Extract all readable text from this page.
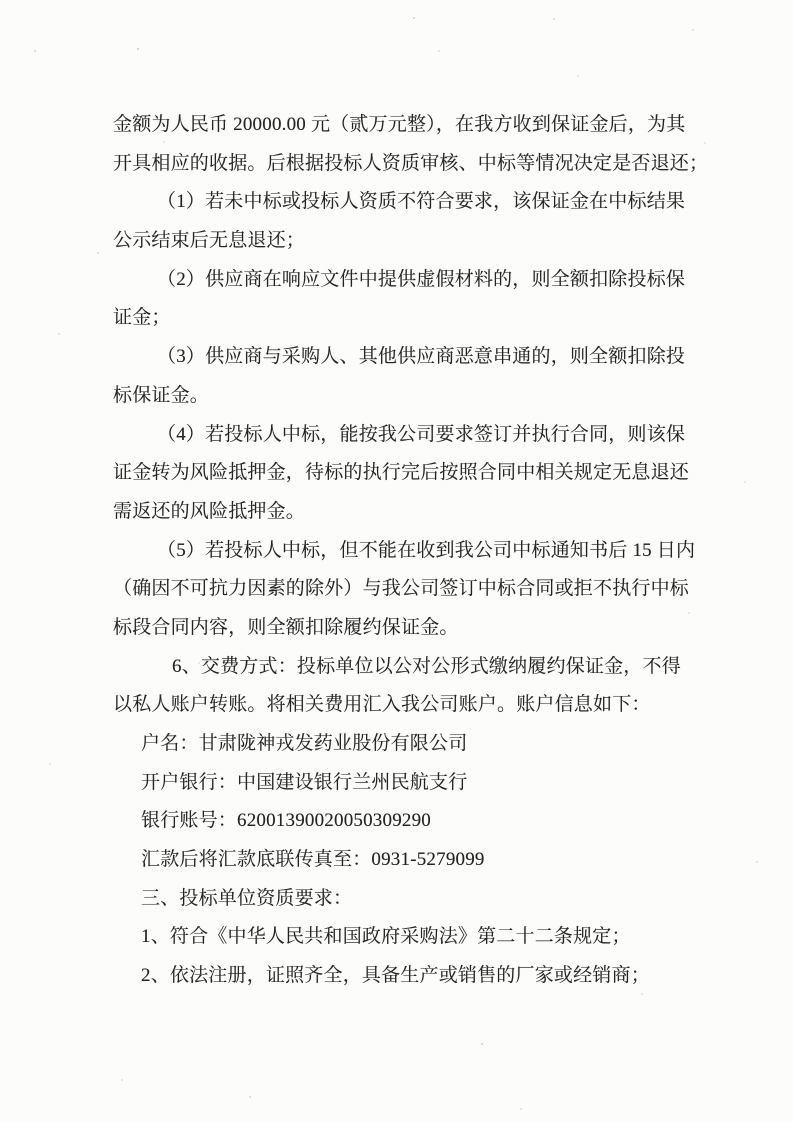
金额为人民币 20000.00 元（贰万元整），在我方收到保证金后，为其
开具相应的收据。后根据投标人资质审核、中标等情况决定是否退还；
（1）若未中标或投标人资质不符合要求，该保证金在中标结果
公示结束后无息退还；
（2）供应商在响应文件中提供虚假材料的，则全额扣除投标保
证金；
（3）供应商与采购人、其他供应商恶意串通的，则全额扣除投
标保证金。
（4）若投标人中标，能按我公司要求签订并执行合同，则该保
证金转为风险抵押金，待标的执行完后按照合同中相关规定无息退还
需返还的风险抵押金。
（5）若投标人中标，但不能在收到我公司中标通知书后 15 日内
（确因不可抗力因素的除外）与我公司签订中标合同或拒不执行中标
标段合同内容，则全额扣除履约保证金。
6、交费方式：投标单位以公对公形式缴纳履约保证金，不得
以私人账户转账。将相关费用汇入我公司账户。账户信息如下：
户名：甘肃陇神戎发药业股份有限公司
开户银行：中国建设银行兰州民航支行
银行账号：62001390020050309290
汇款后将汇款底联传真至：0931-5279099
三、投标单位资质要求：
1、符合《中华人民共和国政府采购法》第二十二条规定；
2、依法注册，证照齐全，具备生产或销售的厂家或经销商；
